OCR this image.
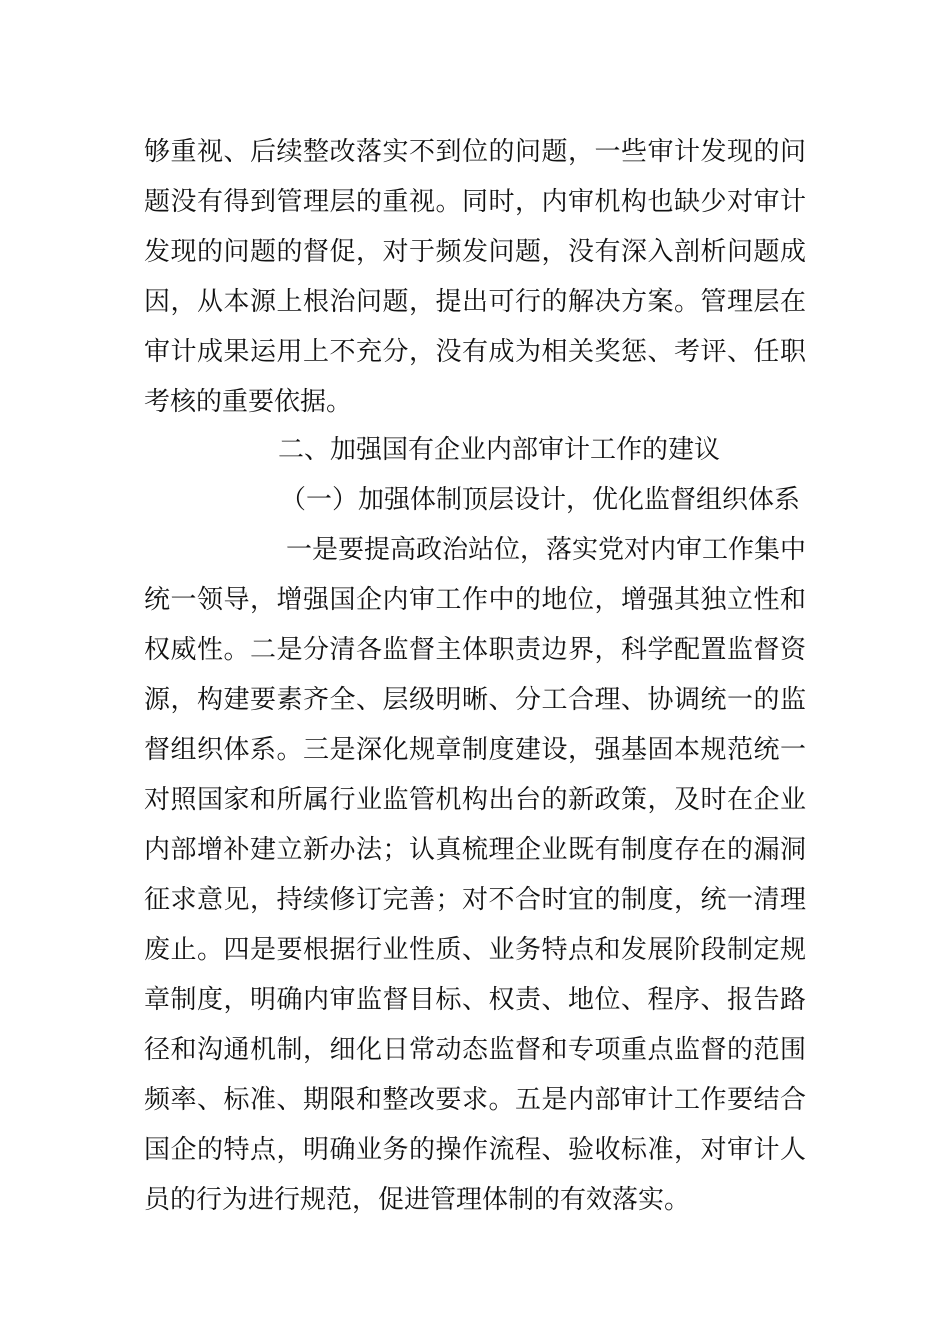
够重视、后续整改落实不到位的问题，一些审计发现的问
题没有得到管理层的重视。同时，内审机构也缺少对审计
发现的问题的督促，对于频发问题，没有深入剖析问题成
因，从本源上根治问题，提出可行的解决方案。管理层在
审计成果运用上不充分，没有成为相关奖惩、考评、任职
考核的重要依据。
二、加强国有企业内部审计工作的建议
（一）加强体制顶层设计，优化监督组织体系
一是要提高政治站位，落实党对内审工作集中
统一领导，增强国企内审工作中的地位，增强其独立性和
权威性。二是分清各监督主体职责边界，科学配置监督资
源，构建要素齐全、层级明晰、分工合理、协调统一的监
督组织体系。三是深化规章制度建设，强基固本规范统一
对照国家和所属行业监管机构出台的新政策，及时在企业
内部增补建立新办法；认真梳理企业既有制度存在的漏洞
征求意见，持续修订完善；对不合时宜的制度，统一清理
废止。四是要根据行业性质、业务特点和发展阶段制定规
章制度，明确内审监督目标、权责、地位、程序、报告路
径和沟通机制，细化日常动态监督和专项重点监督的范围
频率、标准、期限和整改要求。五是内部审计工作要结合
国企的特点，明确业务的操作流程、验收标准，对审计人
员的行为进行规范，促进管理体制的有效落实。
